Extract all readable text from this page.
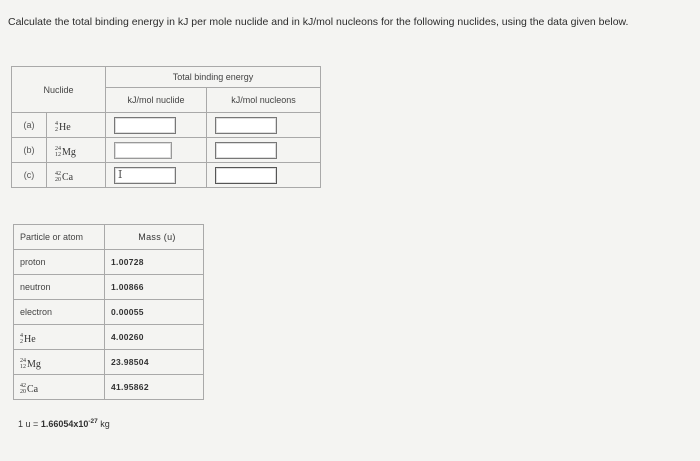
Calculate the total binding energy in kJ per mole nuclide and in kJ/mol nucleons for the following nuclides, using the data given below.
Nuclide		Total binding energy	
		kJ/mol nuclide	kJ/mol nucleons
(a)	4
2 He		

(b)	24
12 Mg		

(c)	42
20 Ca	I	
Particle or atom	Mass (u)
proton	1.00728
neutron	1.00866
electron	0.00055

4
2 He	4.00260

24
12 Mg	23.98504

42
20 Ca	41.95862
1 $u = 1.66054x10^{-27}$ kg
